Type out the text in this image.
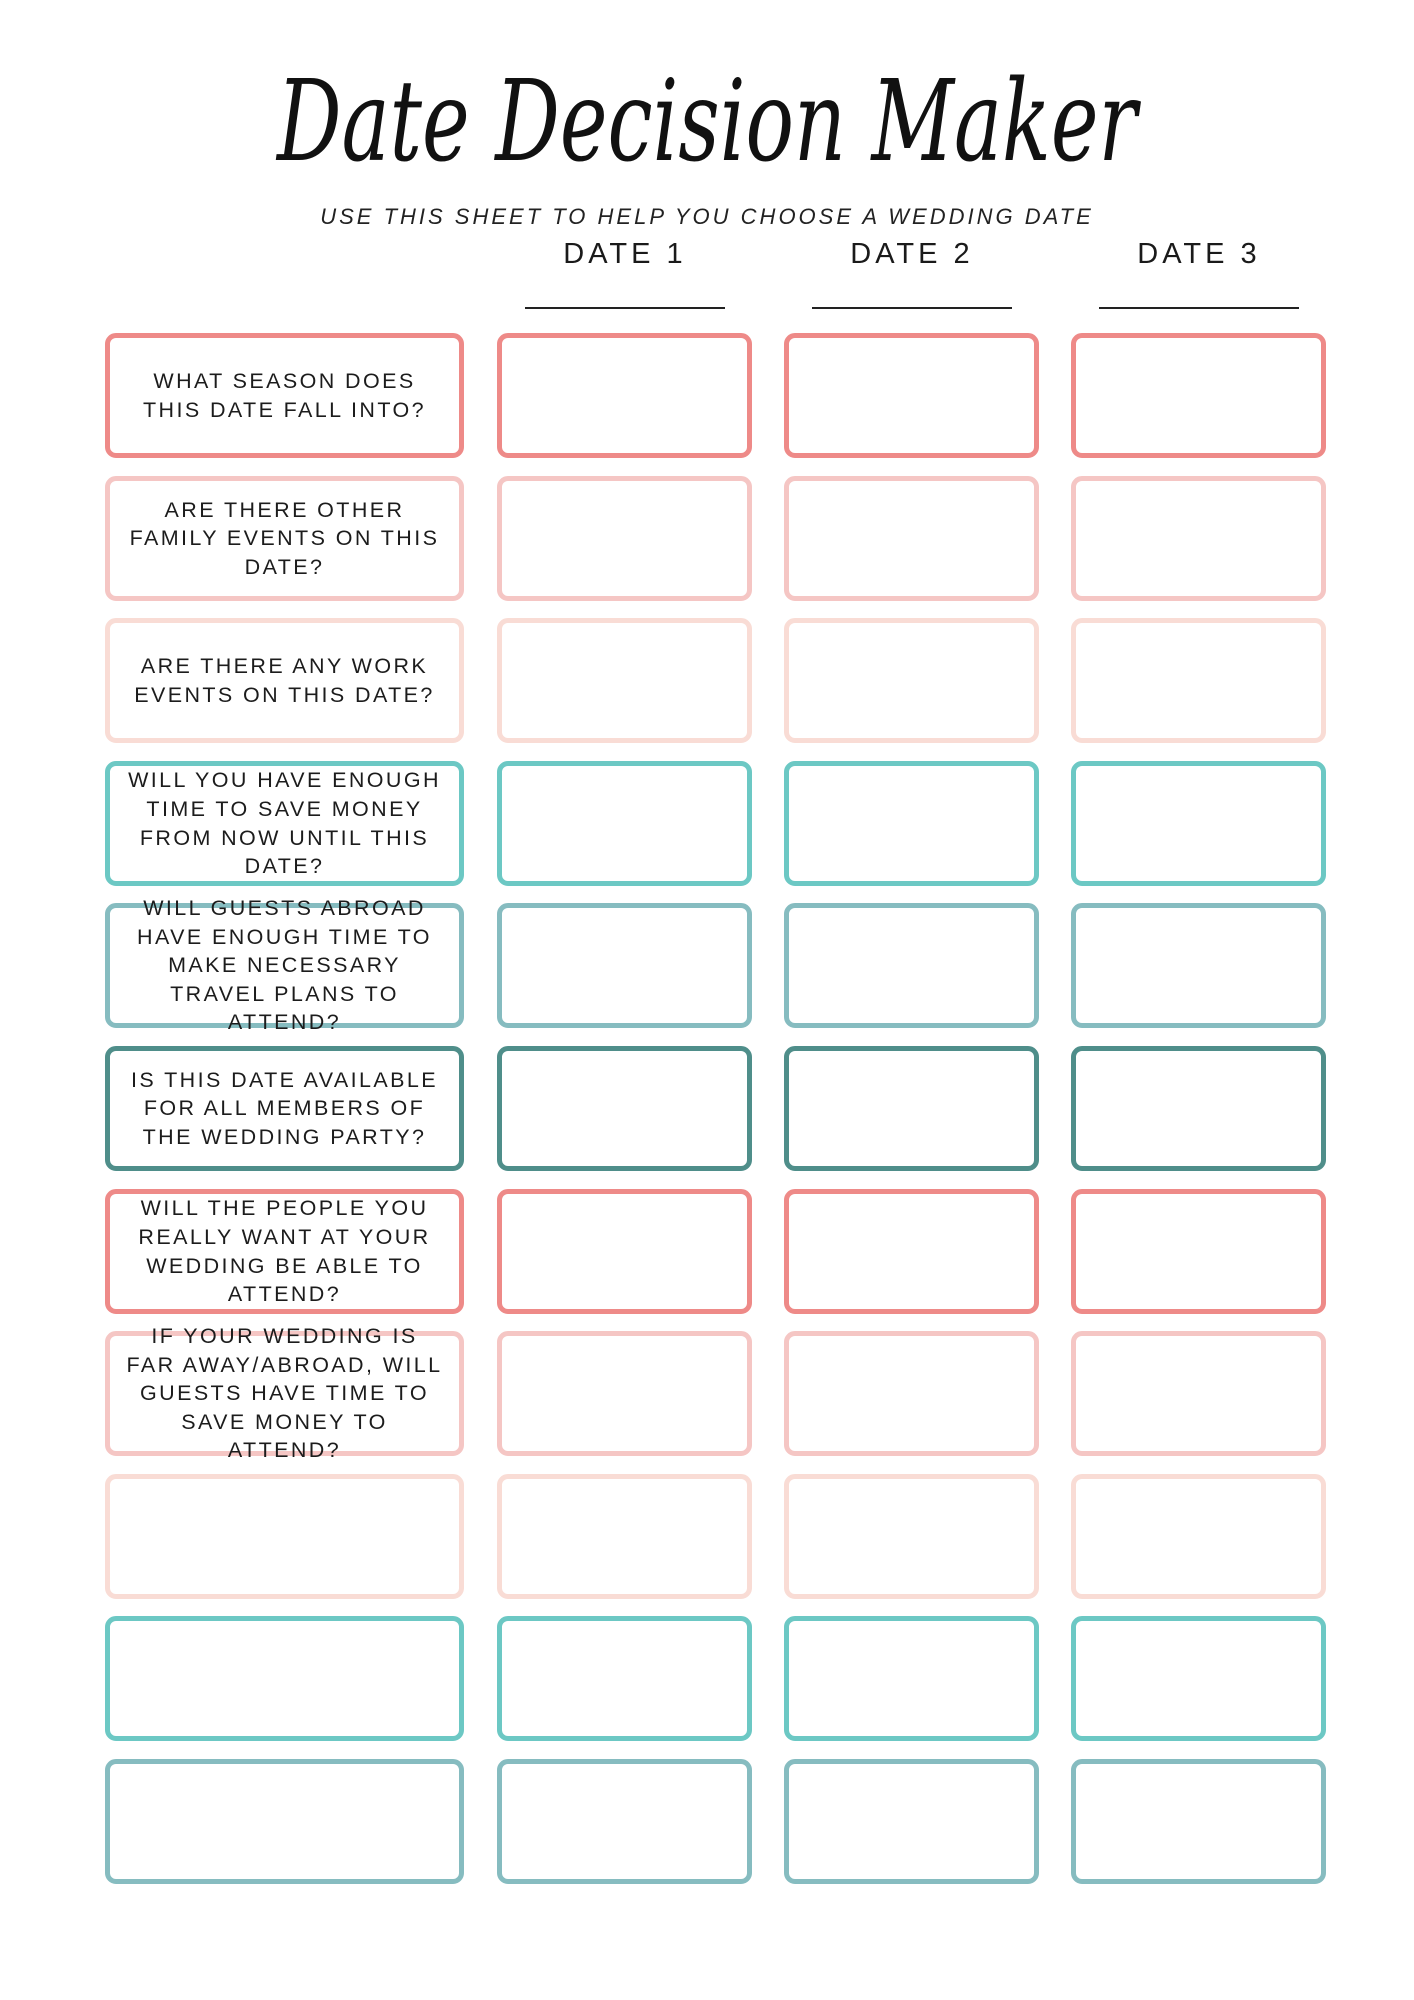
Date Decision Maker
USE THIS SHEET TO HELP YOU CHOOSE A WEDDING DATE
DATE 1	DATE 2	DATE 3
WHAT SEASON DOES THIS DATE FALL INTO?
ARE THERE OTHER FAMILY EVENTS ON THIS DATE?
ARE THERE ANY WORK EVENTS ON THIS DATE?
WILL YOU HAVE ENOUGH TIME TO SAVE MONEY FROM NOW UNTIL THIS DATE?
WILL GUESTS ABROAD HAVE ENOUGH TIME TO MAKE NECESSARY TRAVEL PLANS TO ATTEND?
IS THIS DATE AVAILABLE FOR ALL MEMBERS OF THE WEDDING PARTY?
WILL THE PEOPLE YOU REALLY WANT AT YOUR WEDDING BE ABLE TO ATTEND?
IF YOUR WEDDING IS FAR AWAY/ABROAD, WILL GUESTS HAVE TIME TO SAVE MONEY TO ATTEND?
